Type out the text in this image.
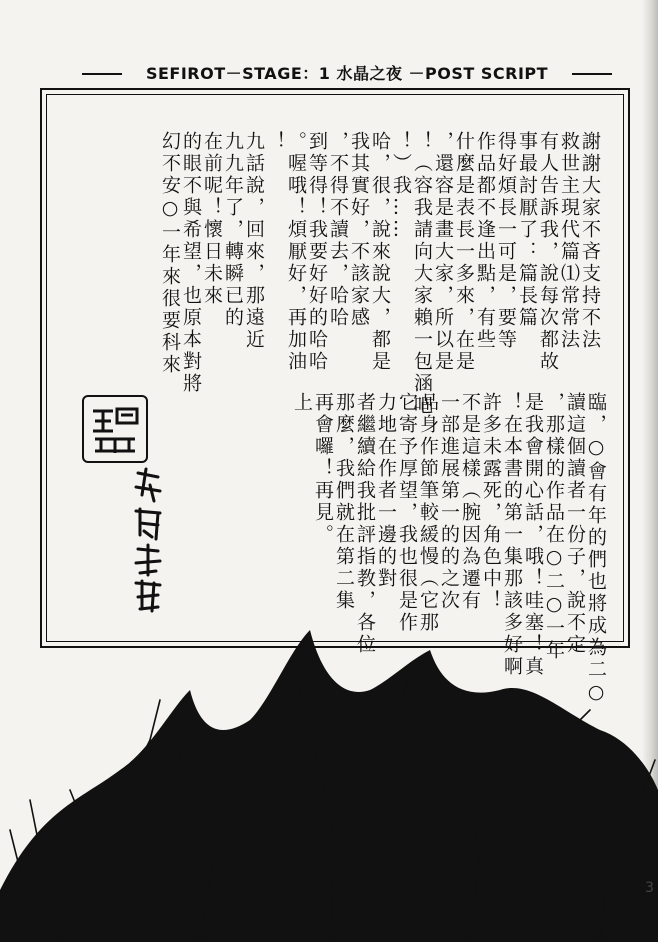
SEFIROT－STAGE：1 水晶之夜 －POST SCRIPT
謝謝大家不吝支持不法
救世主現代篇⑴常常法
有人告訴我，說每次都故
事最討厭了：篇長篇
得好煩長一可是，要等
作品都不逢出點，有些
什麼是表長一多來，在是
，還容是畫大家，所以是
！（容我請向大家賴一包涵吧
！）我……
哈，很，說來說大，都是
我其實好，不該家感
，不得不讀去，哈哈
到等得！我要好好的哈哈
。喔哦！煩厭好，再加油
！
九話說，回來，那遠近
九九年了，轉瞬已的
在前呢！懷日未來
的眼不與希望，也原本對將
幻不安○一年來很要科來
臨，○會有年的們也將成為二○
讀這個讀者一份子，說不定
，那樣的作品在○二○一年
是我會開心話，哦！哇塞！真
！在本書的第一集那該多好啊
許多未露死，角色中！
不是這樣（腕因為遷有
一部進展第一的的之次
品身作節筆較緩慢（它那
它寄予厚望，我也很是作
力地在作者一邊的對
者繼續給我批評指教，各位
那麼，我們就在第二集
再會囉！再見。
上
3
